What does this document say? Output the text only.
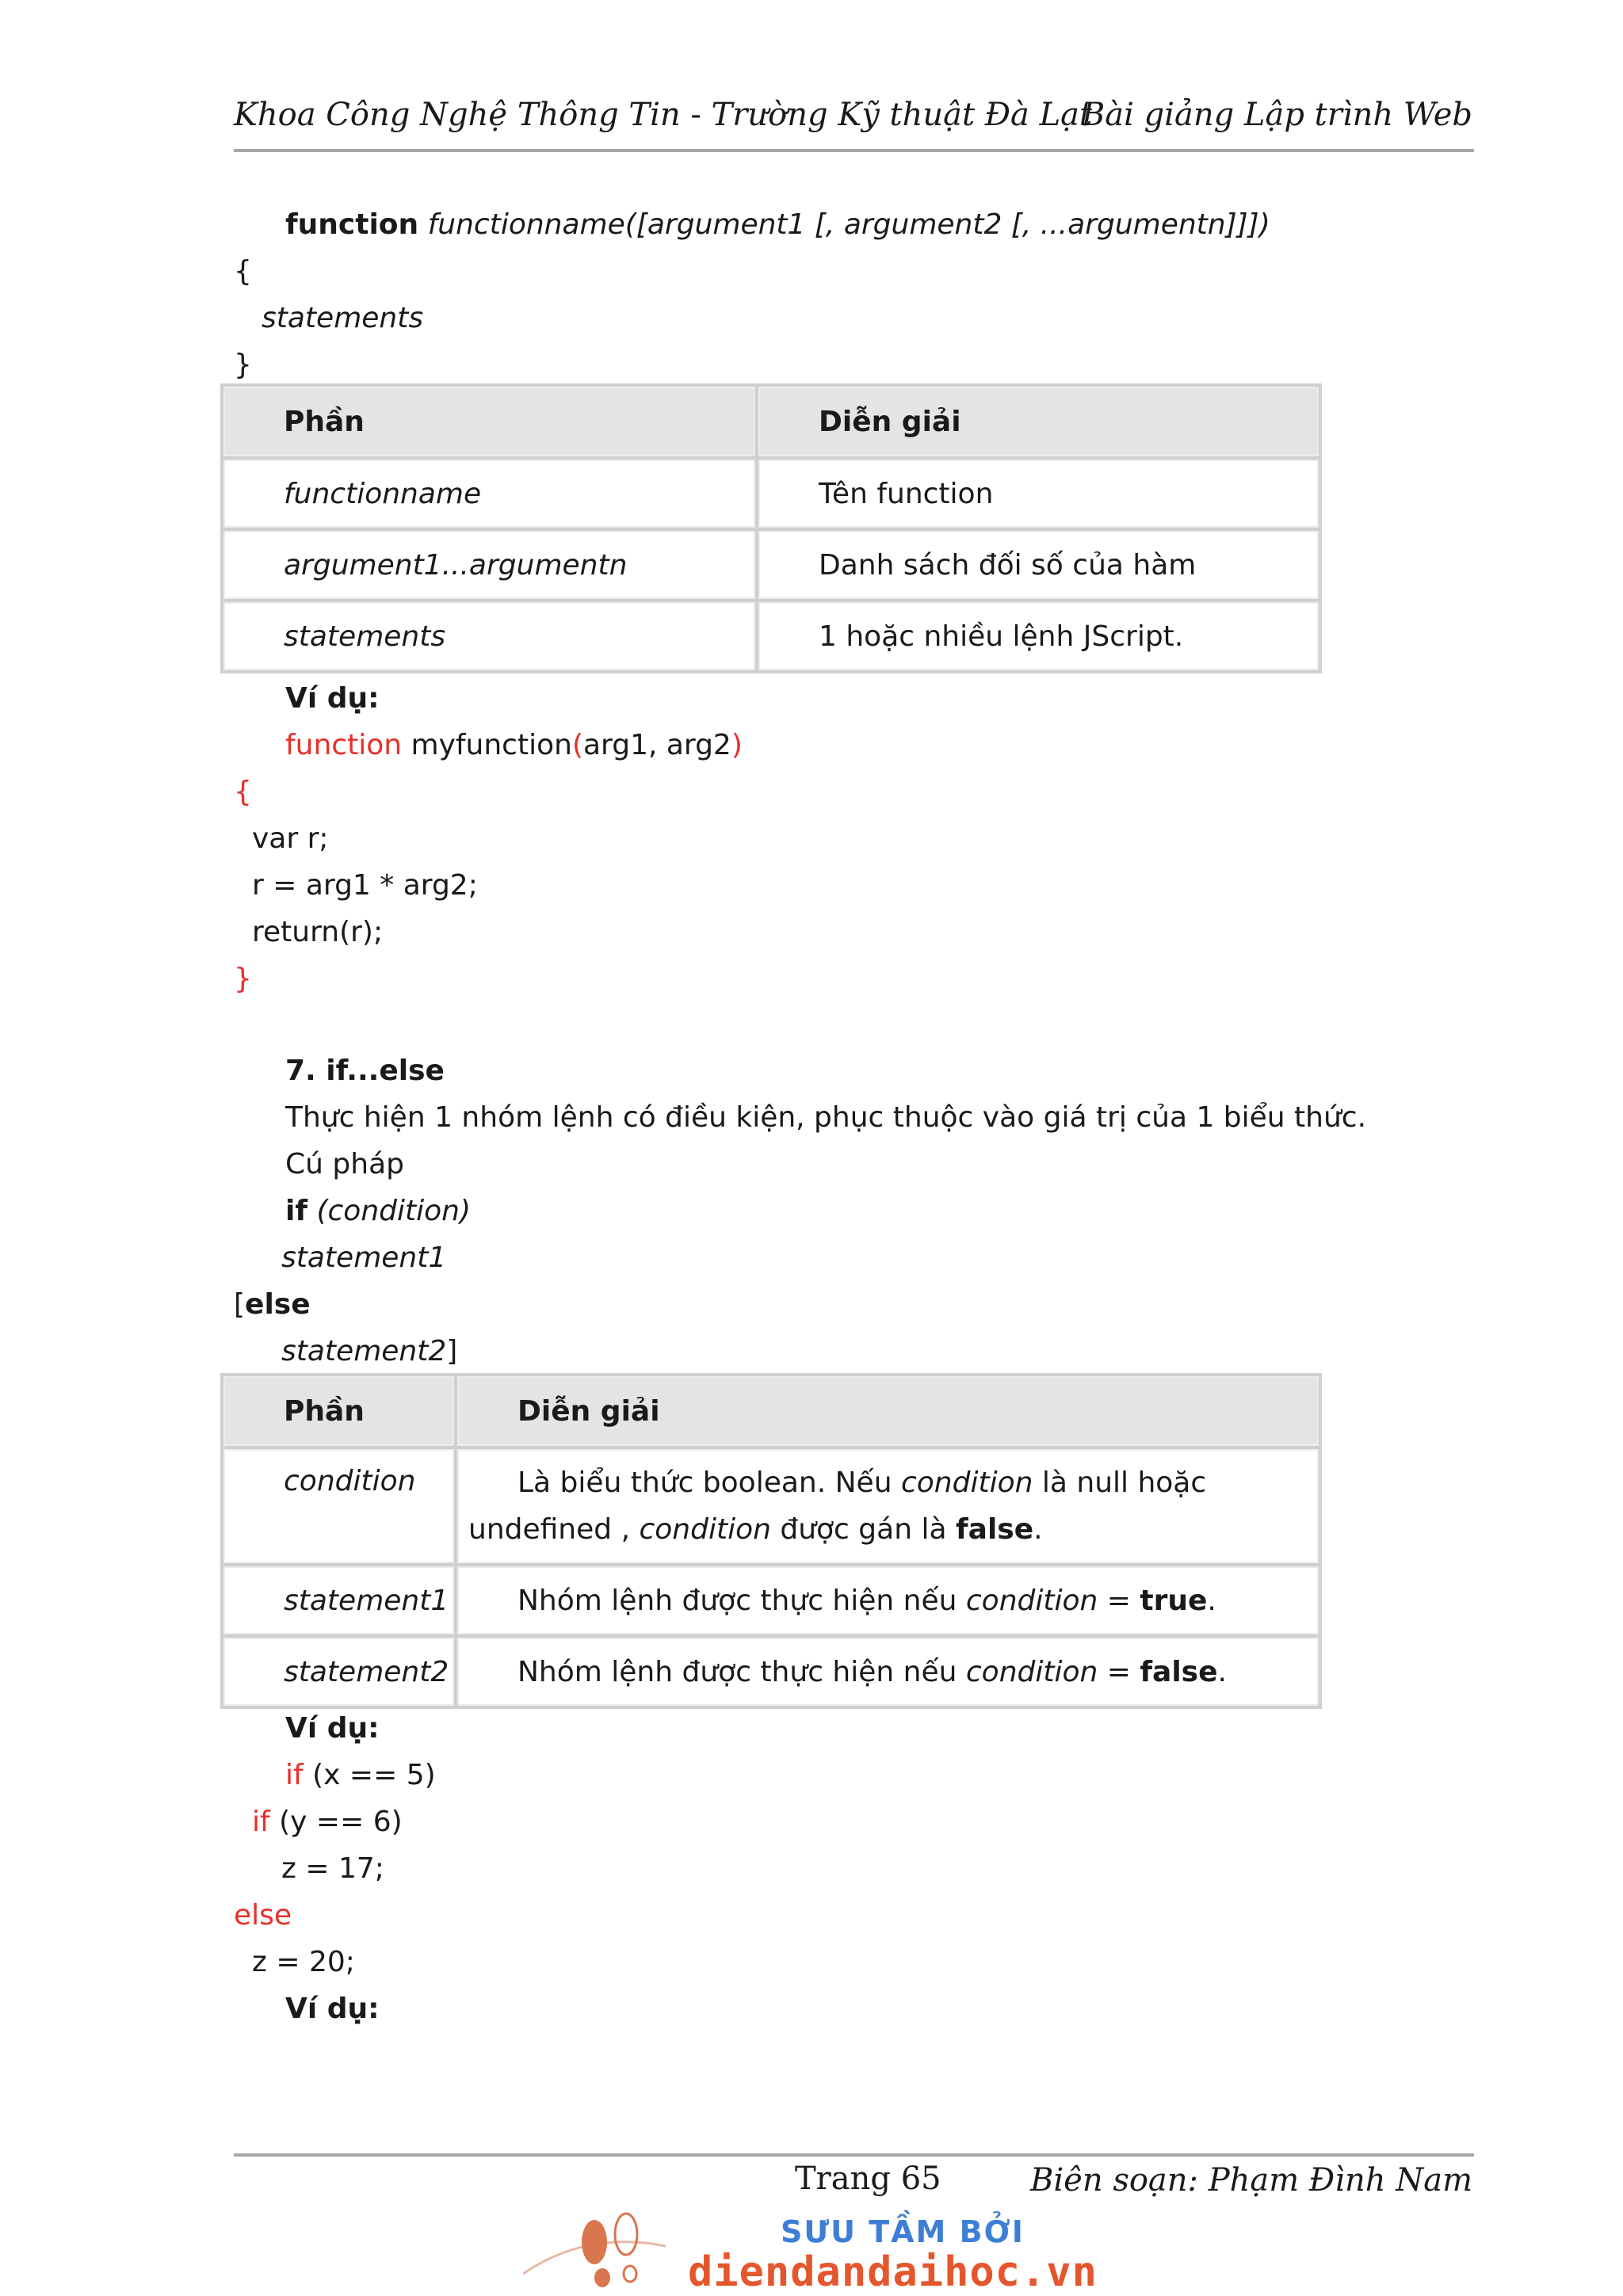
Khoa Công Nghệ Thông Tin - Trường Kỹ thuật Đà Lạt
Bài giảng Lập trình Web
function functionname([argument1 [, argument2 [, ...argumentn]]])
{
statements
}
Phần	Diễn giải
functionname	Tên function
argument1...argumentn	Danh sách đối số của hàm
statements	1 hoặc nhiều lệnh JScript.
Ví dụ:
function myfunction(arg1, arg2)
{
var r;
r = arg1 * arg2;
return(r);
}
7. if...else
Thực hiện 1 nhóm lệnh có điều kiện, phục thuộc vào giá trị của 1 biểu thức.
Cú pháp
if (condition)
statement1
[else
statement2]
Phần	Diễn giải
condition	Là biểu thức boolean. Nếu condition là null hoặc
undefined , condition được gán là false.

statement1	Nhóm lệnh được thực hiện nếu condition = true.
statement2	Nhóm lệnh được thực hiện nếu condition = false.
Ví dụ:
if (x == 5)
if (y == 6)
z = 17;
else
z = 20;
Ví dụ:
Trang 65	Biên soạn: Phạm Đình Nam
SƯU TẦM BỞI
diendandaihoc.vn
